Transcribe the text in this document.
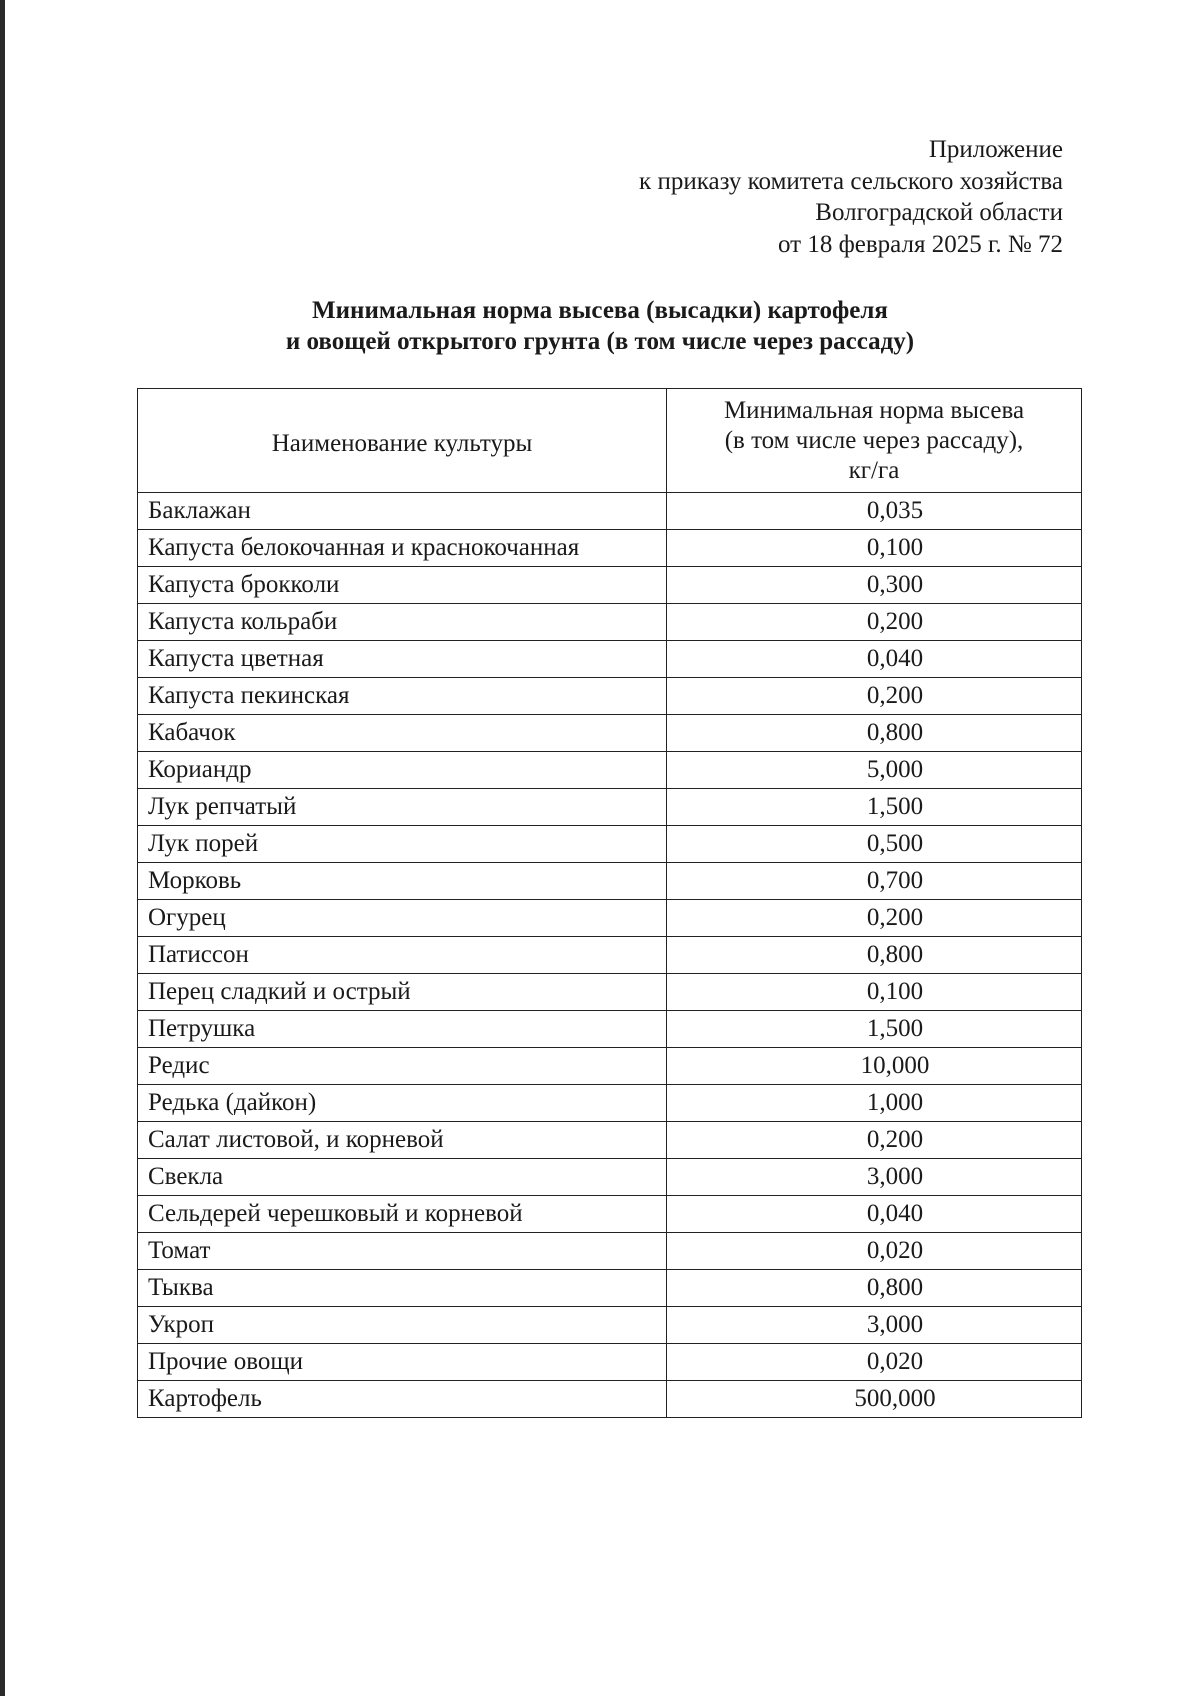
Приложение
к приказу комитета сельского хозяйства
Волгоградской области
от 18 февраля 2025 г. № 72
Минимальная норма высева (высадки) картофеля
и овощей открытого грунта (в том числе через рассаду)
Наименование культуры	Минимальная норма высева
(в том числе через рассаду),
кг/га

Баклажан	0,035
Капуста белокочанная и краснокочанная	0,100
Капуста брокколи	0,300
Капуста кольраби	0,200
Капуста цветная	0,040
Капуста пекинская	0,200
Кабачок	0,800
Кориандр	5,000
Лук репчатый	1,500
Лук порей	0,500
Морковь	0,700
Огурец	0,200
Патиссон	0,800
Перец сладкий и острый	0,100
Петрушка	1,500
Редис	10,000
Редька (дайкон)	1,000
Салат листовой, и корневой	0,200
Свекла	3,000
Сельдерей черешковый и корневой	0,040
Томат	0,020
Тыква	0,800
Укроп	3,000
Прочие овощи	0,020
Картофель	500,000
